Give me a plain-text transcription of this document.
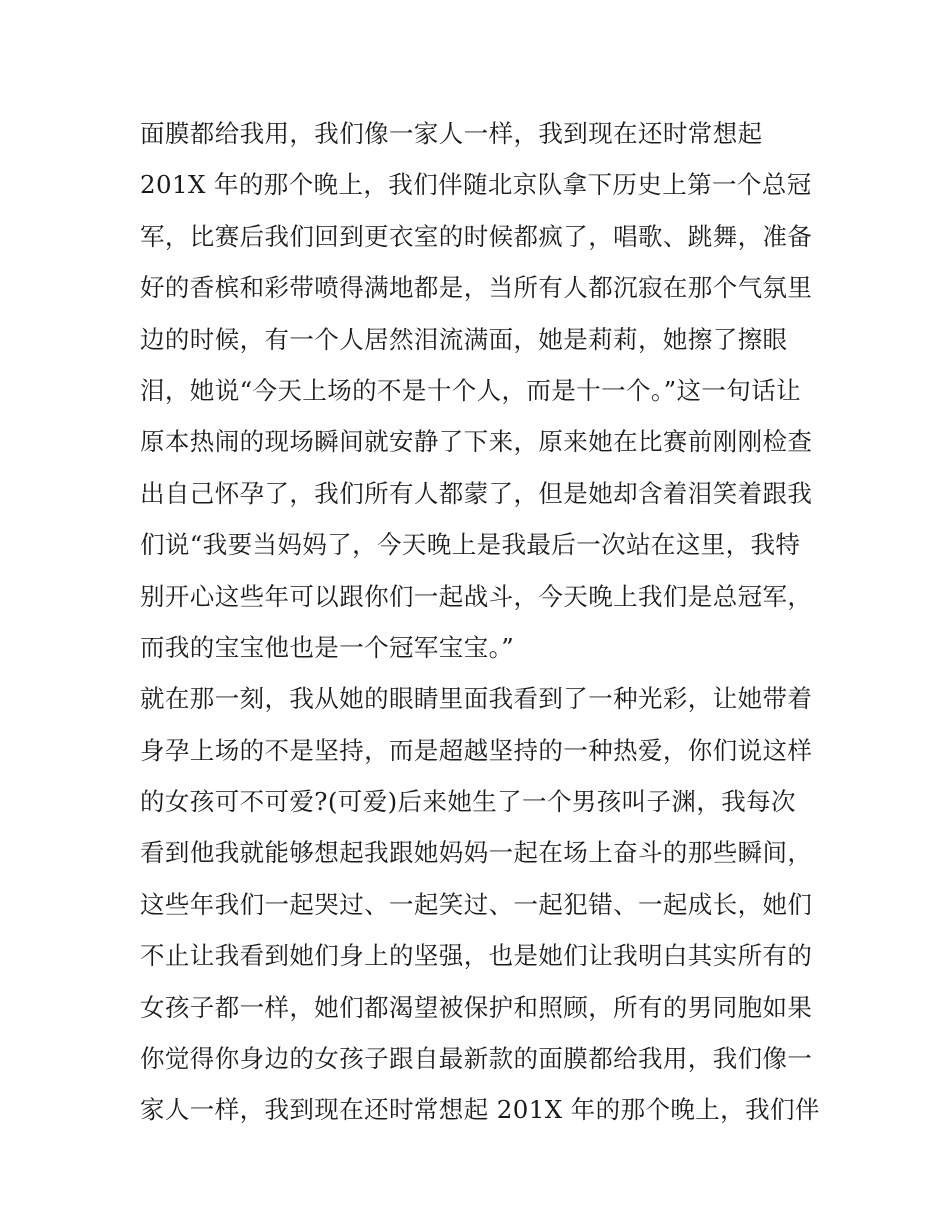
面膜都给我用，我们像一家人一样，我到现在还时常想起
201X 年的那个晚上，我们伴随北京队拿下历史上第一个总冠
军，比赛后我们回到更衣室的时候都疯了，唱歌、跳舞，准备
好的香槟和彩带喷得满地都是，当所有人都沉寂在那个气氛里
边的时候，有一个人居然泪流满面，她是莉莉，她擦了擦眼
泪，她说“今天上场的不是十个人，而是十一个。”这一句话让
原本热闹的现场瞬间就安静了下来，原来她在比赛前刚刚检查
出自己怀孕了，我们所有人都蒙了，但是她却含着泪笑着跟我
们说“我要当妈妈了，今天晚上是我最后一次站在这里，我特
别开心这些年可以跟你们一起战斗，今天晚上我们是总冠军，
而我的宝宝他也是一个冠军宝宝。”
就在那一刻，我从她的眼睛里面我看到了一种光彩，让她带着
身孕上场的不是坚持，而是超越坚持的一种热爱，你们说这样
的女孩可不可爱?(可爱)后来她生了一个男孩叫子渊，我每次
看到他我就能够想起我跟她妈妈一起在场上奋斗的那些瞬间，
这些年我们一起哭过、一起笑过、一起犯错、一起成长，她们
不止让我看到她们身上的坚强，也是她们让我明白其实所有的
女孩子都一样，她们都渴望被保护和照顾，所有的男同胞如果
你觉得你身边的女孩子跟自最新款的面膜都给我用，我们像一
家人一样，我到现在还时常想起 201X 年的那个晚上，我们伴
